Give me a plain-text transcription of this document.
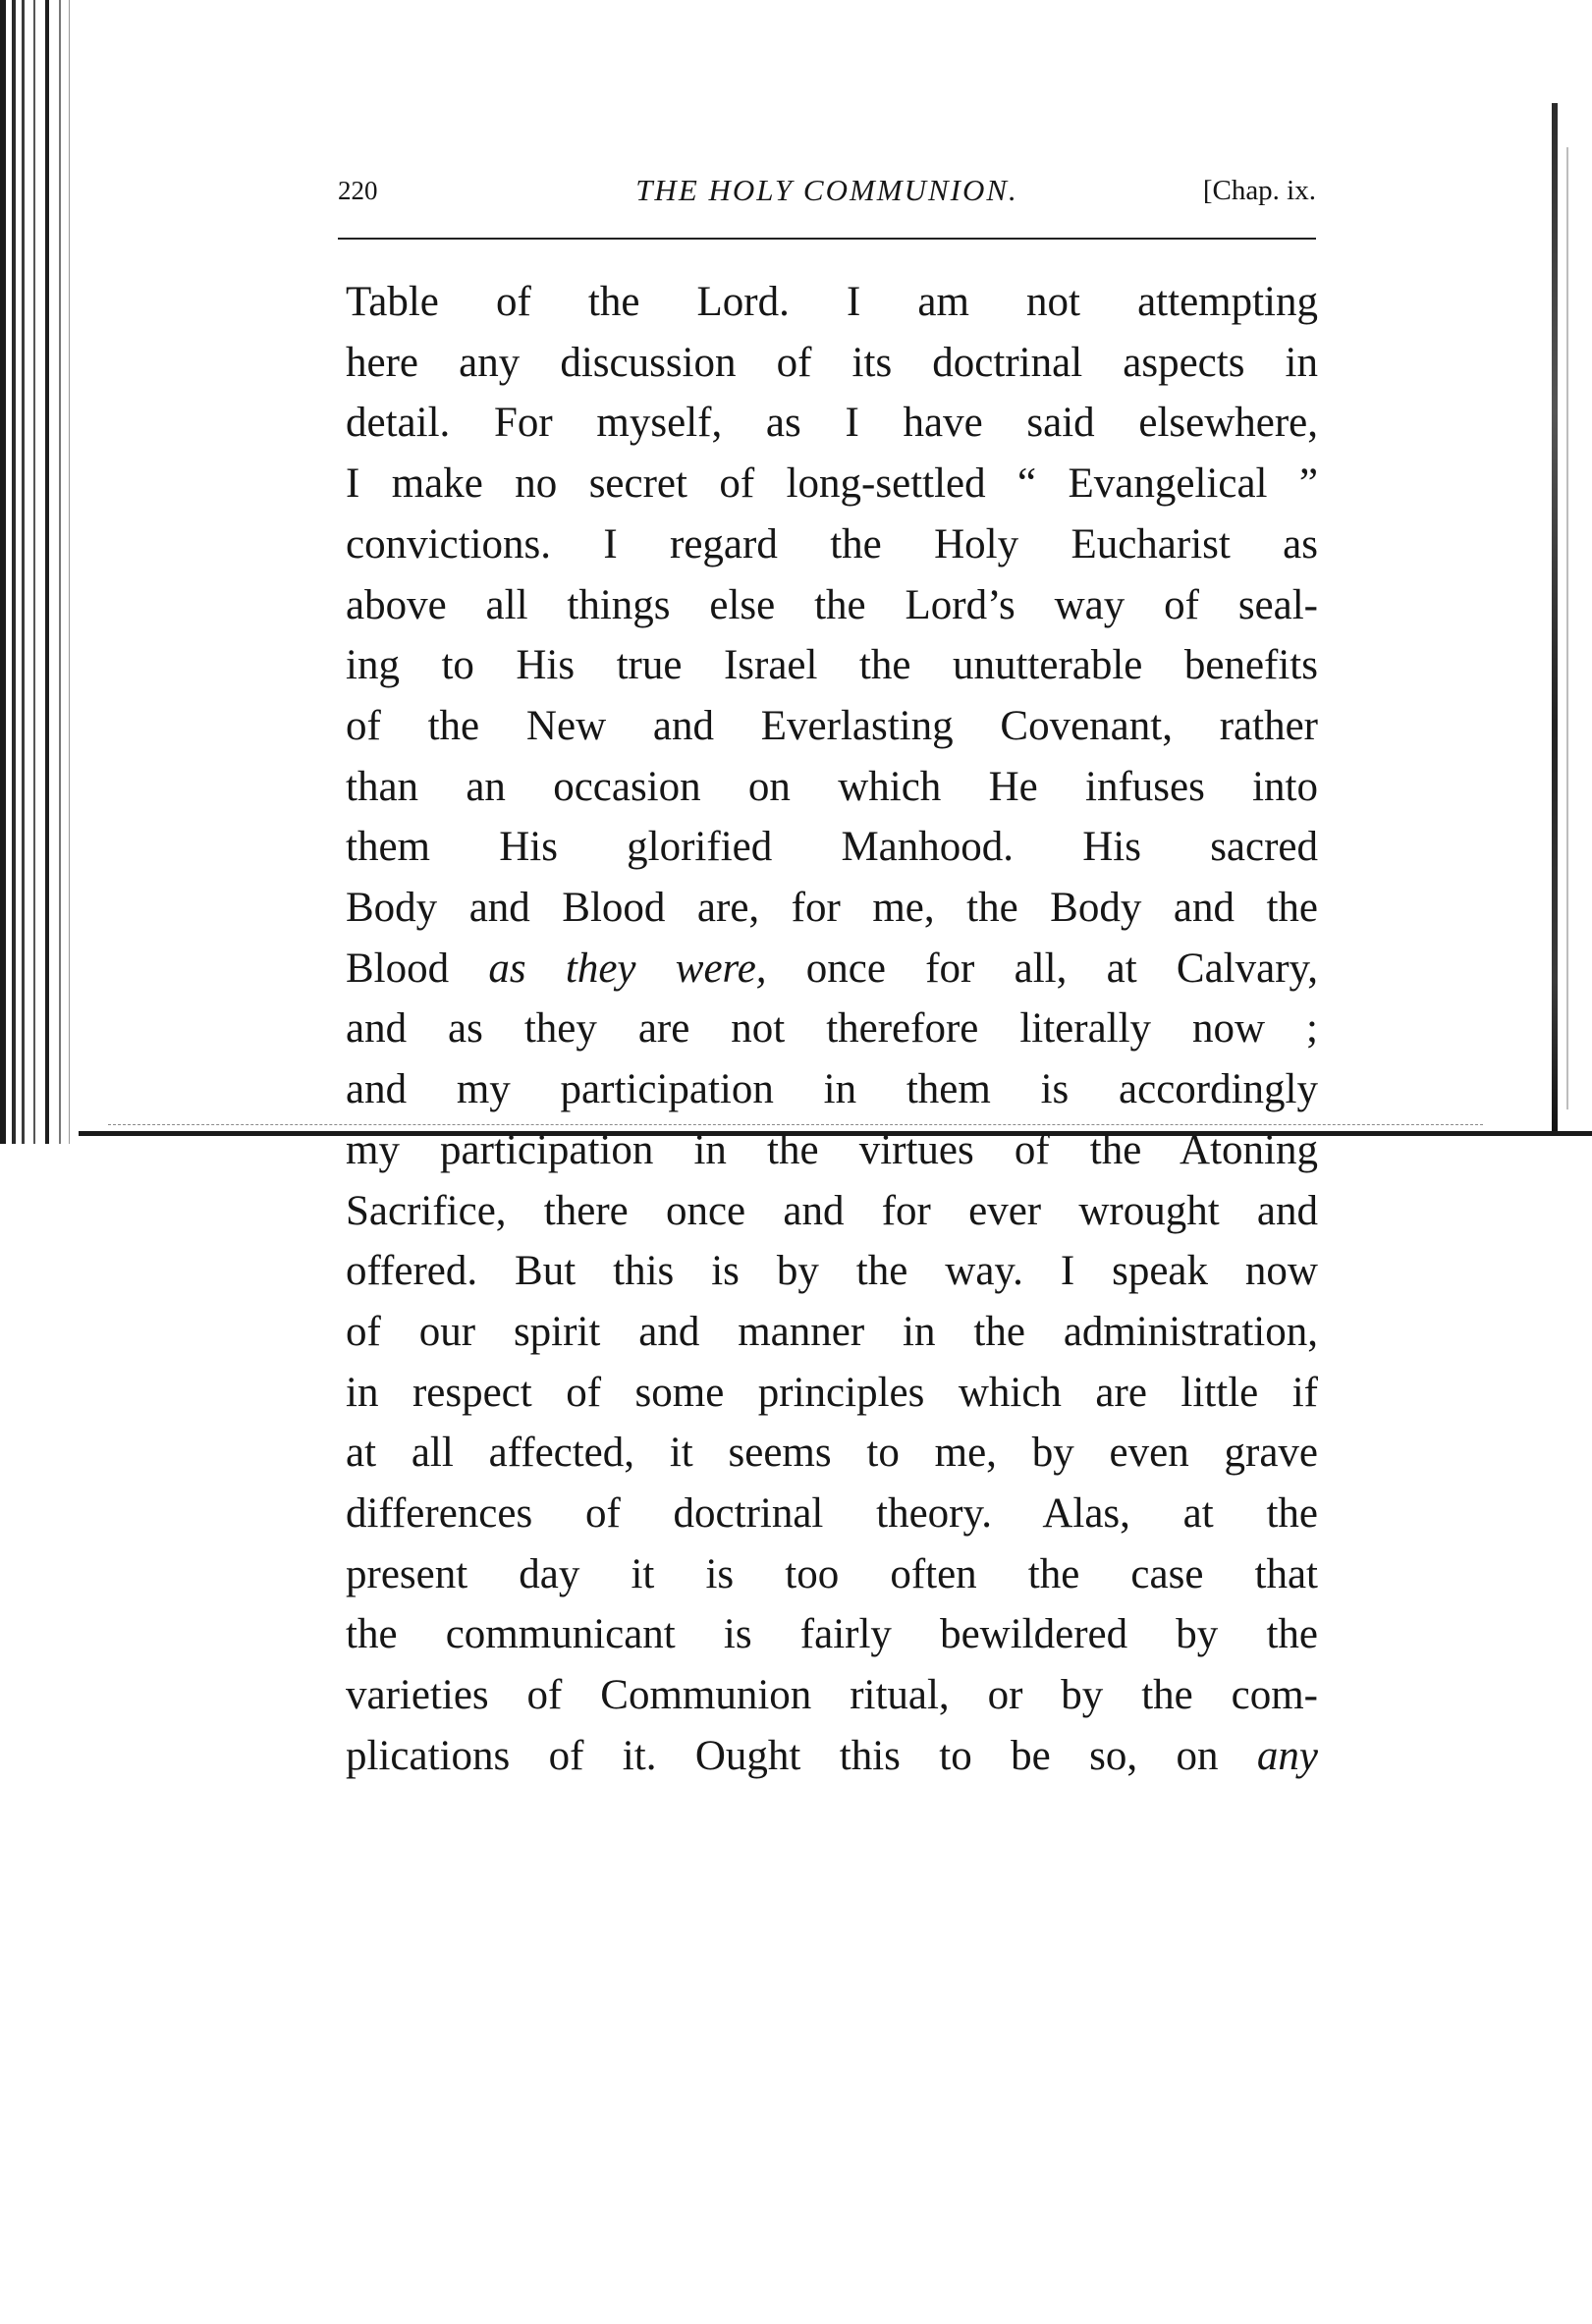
220	THE HOLY COMMUNION.	[Chap. ix.
Table of the Lord. I am not attempting
here any discussion of its doctrinal aspects in
detail. For myself, as I have said elsewhere,
I make no secret of long-settled “ Evangelical ”
convictions. I regard the Holy Eucharist as
above all things else the Lord’s way of seal-
ing to His true Israel the unutterable benefits
of the New and Everlasting Covenant, rather
than an occasion on which He infuses into
them His glorified Manhood. His sacred
Body and Blood are, for me, the Body and the
Blood as they were, once for all, at Calvary,
and as they are not therefore literally now ;
and my participation in them is accordingly
my participation in the virtues of the Atoning
Sacrifice, there once and for ever wrought and
offered. But this is by the way. I speak now
of our spirit and manner in the administration,
in respect of some principles which are little if
at all affected, it seems to me, by even grave
differences of doctrinal theory. Alas, at the
present day it is too often the case that
the communicant is fairly bewildered by the
varieties of Communion ritual, or by the com-
plications of it. Ought this to be so, on any
